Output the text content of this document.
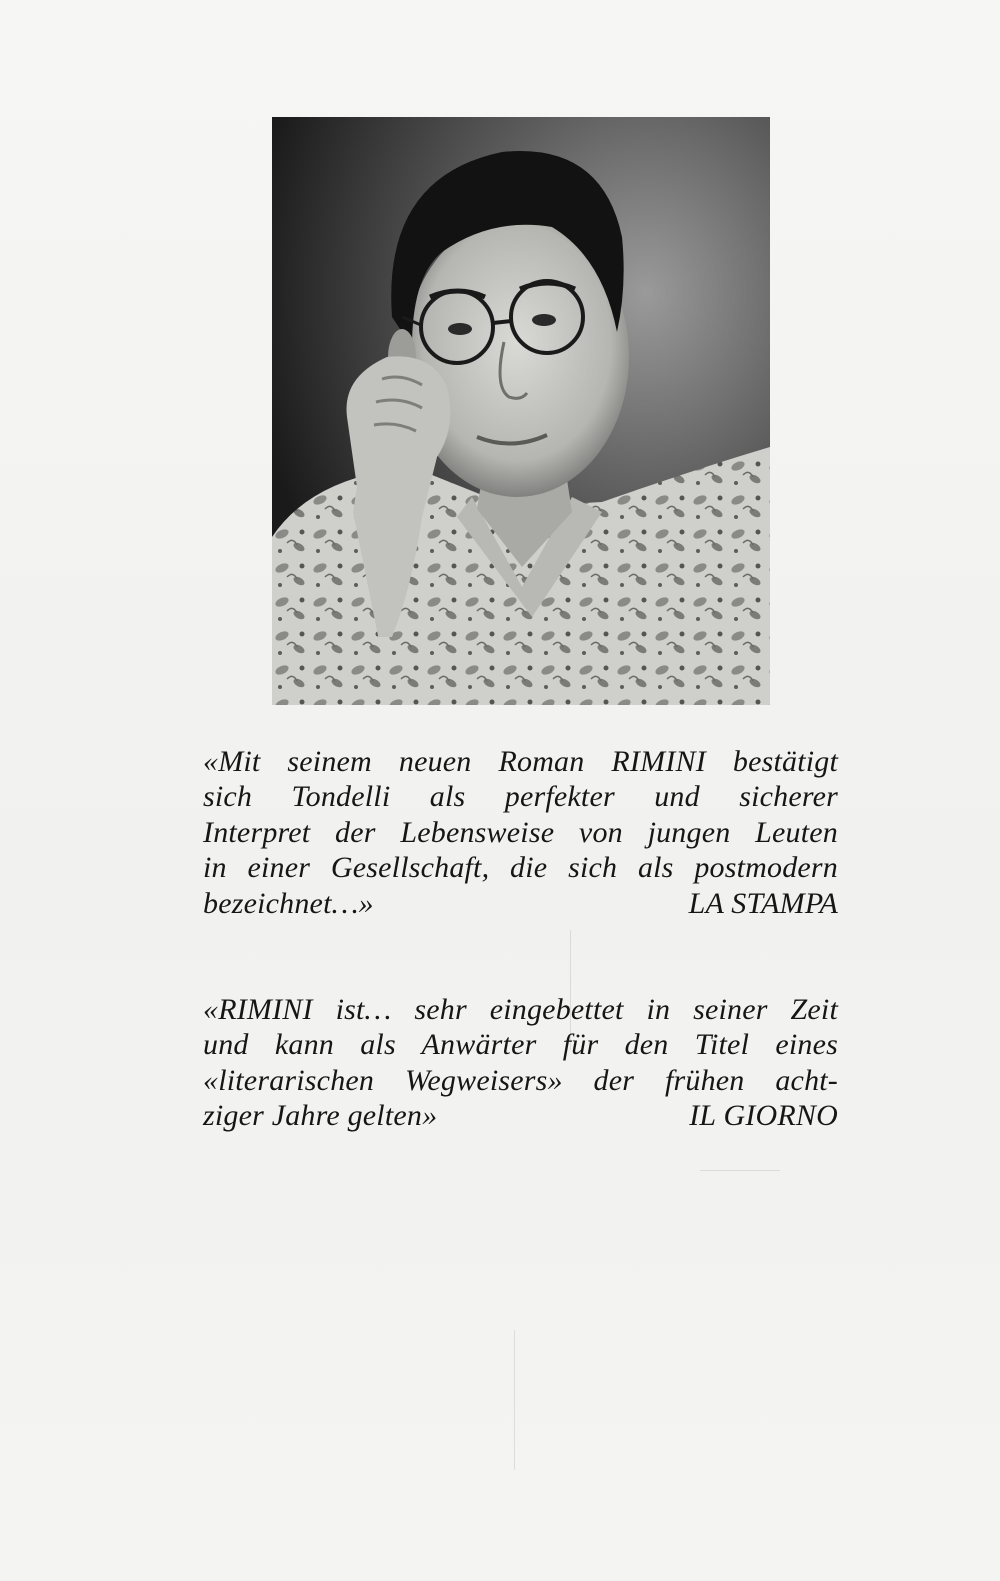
«Mit seinem neuen Roman RIMINI bestätigt
sich Tondelli als perfekter und sicherer
Interpret der Lebensweise von jungen Leuten
in einer Gesellschaft, die sich als postmodern
bezeichnet…»	LA STAMPA
«RIMINI ist… sehr eingebettet in seiner Zeit
und kann als Anwärter für den Titel eines
«literarischen Wegweisers» der frühen acht-
ziger Jahre gelten»	IL GIORNO
